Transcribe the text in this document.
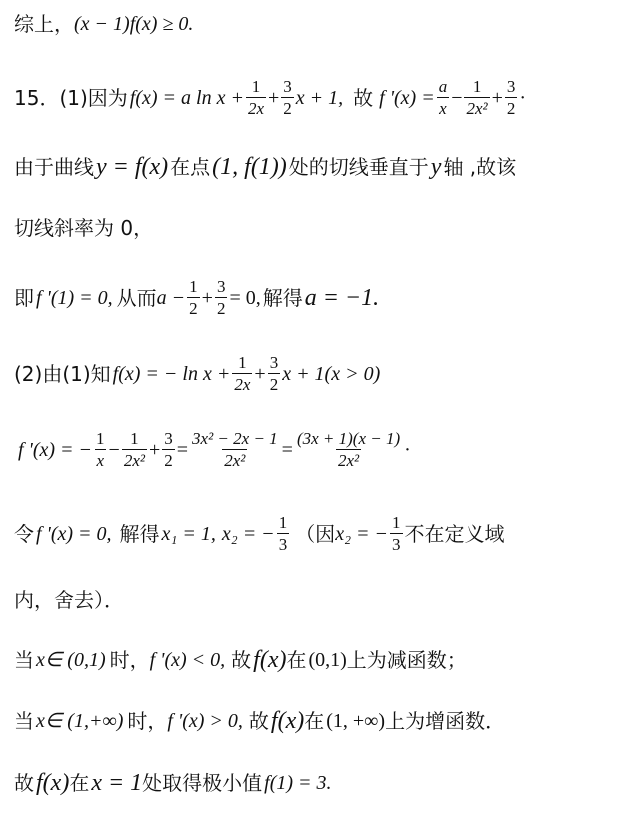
综上， (x − 1)f(x) ≥ 0.
15．(1)因为 f(x) = a $\ln x + \frac{1}{2x} + \frac{3}{2}$ x + 1, 故 f '$(x) = \frac{a}{x} - \frac{1}{\text{2x²}} + \frac{3}{2}$ ·
由于曲线 y = f(x) 在点 (1, f(1)) 处的切线垂直于 y 轴 ,故该
切线斜率为 0，
即 f '(1) = 0, 从而 $a - \frac{1}{2} + \frac{3}{2} = 0$, 解得 a = −1.
(2)由(1)知 f(x) = − $\ln x + \frac{1}{2x} + \frac{3}{2}$ x + 1(x > 0)
f '(x) = − $\frac{1}{x} - \frac{1}{\text{2x²}} + \frac{3}{2} = \frac{\text{3x² − 2x − 1}}{\text{2x²}} = \frac{(3x + 1)(x - 1)}{\text{2x²}}$ ·
令 f '(x) = 0, 解得 x₁ = 1, x₂ = − $\frac{1}{3}$ （因 x₂ = − $\frac{1}{3}$ 不在定义域
内，舍去）．
当 x∈ (0,1) 时， f '(x) < 0, 故 f(x) 在 (0,1) 上为减函数；
当 x∈ (1,+∞) 时， f '(x) > 0, 故 f(x) 在 (1, +∞) 上为增函数．
故 f(x) 在 x = 1 处取得极小值 f(1) = 3.
